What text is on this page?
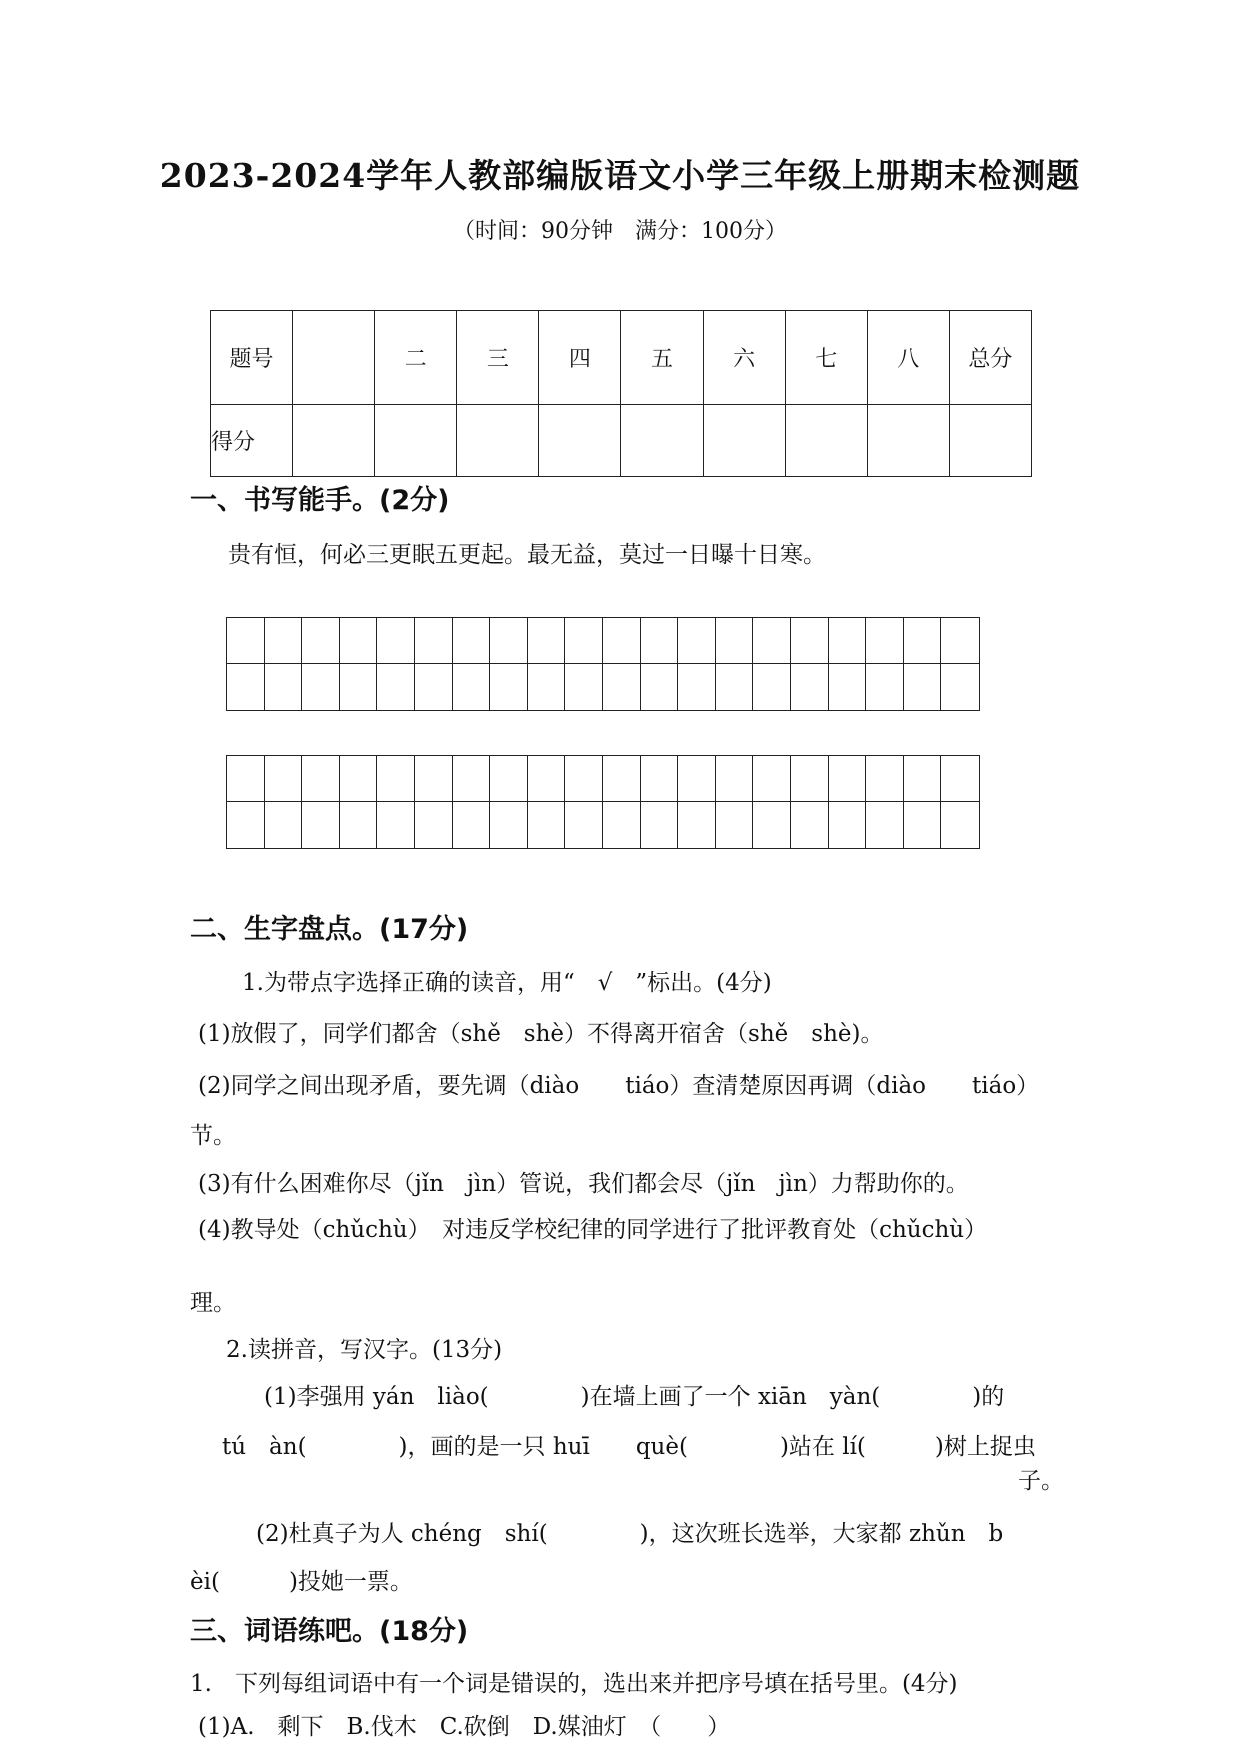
2023-2024学年人教部编版语文小学三年级上册期末检测题
（时间：90分钟　满分：100分）
题号		二	三	四	五	六	七	八	总分
得分									
一、书写能手。(2分)
贵有恒，何必三更眠五更起。最无益，莫过一日曝十日寒。
二、生字盘点。(17分)
1.为带点字选择正确的读音，用“　√　”标出。(4分)
(1)放假了，同学们都舍（shě　shè）不得离开宿舍（shě　shè)。
(2)同学之间出现矛盾，要先调（diào　　tiáo）查清楚原因再调（diào　　tiáo）
节。
(3)有什么困难你尽（jǐn　jìn）管说，我们都会尽（jǐn　jìn）力帮助你的。
(4)教导处（chǔchù）　对违反学校纪律的同学进行了批评教育处（chǔchù）
理。
2.读拼音，写汉字。(13分)
(1)李强用 yán　liào(　　　　)在墙上画了一个 xiān　yàn(　　　　)的
tú　àn(　　　　)，画的是一只 huī　　què(　　　　)站在 lí(　　　)树上捉虫
子。
(2)杜真子为人 chéng　shí(　　　　)，这次班长选举，大家都 zhǔn　b
èi(　　　)投她一票。
三、词语练吧。(18分)
1.　下列每组词语中有一个词是错误的，选出来并把序号填在括号里。(4分)
(1)A.　剩下　B.伐木　C.砍倒　D.媒油灯　（　　）
